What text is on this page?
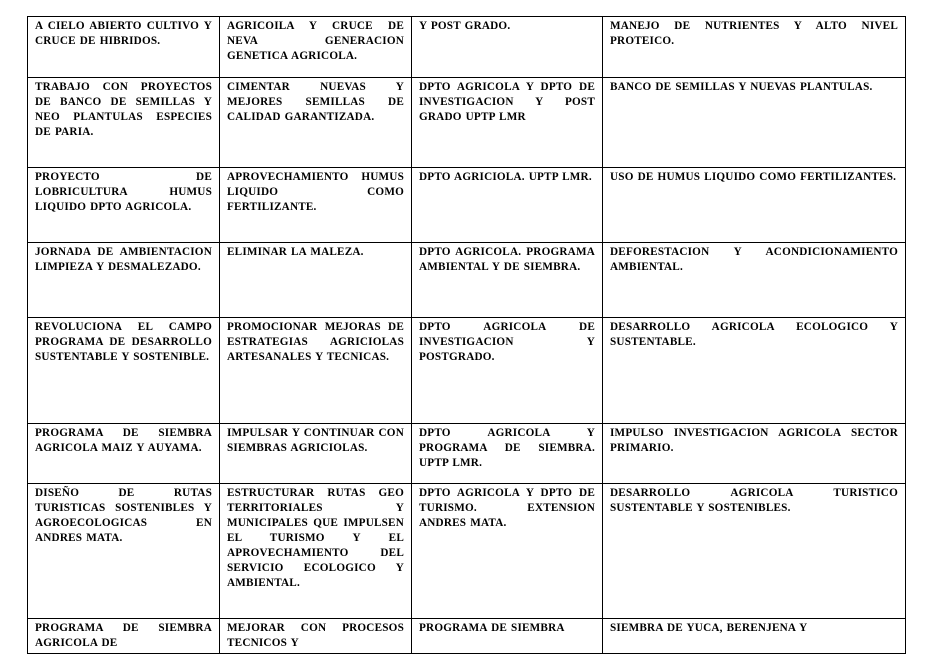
A CIELO ABIERTO CULTIVO Y CRUCE DE HIBRIDOS.	AGRICOILA Y CRUCE DE NEVA GENERACION GENETICA AGRICOLA.	Y POST GRADO.	MANEJO DE NUTRIENTES Y ALTO NIVEL PROTEICO.
TRABAJO CON PROYECTOS DE BANCO DE SEMILLAS Y NEO PLANTULAS ESPECIES DE PARIA.	CIMENTAR NUEVAS Y MEJORES SEMILLAS DE CALIDAD GARANTIZADA.	DPTO AGRICOLA Y DPTO DE INVESTIGACION Y POST GRADO UPTP LMR	BANCO DE SEMILLAS Y NUEVAS PLANTULAS.
PROYECTO DE LOBRICULTURA HUMUS LIQUIDO DPTO AGRICOLA.	APROVECHAMIENTO HUMUS LIQUIDO COMO FERTILIZANTE.	DPTO AGRICIOLA. UPTP LMR.	USO DE HUMUS LIQUIDO COMO FERTILIZANTES.
JORNADA DE AMBIENTACION LIMPIEZA Y DESMALEZADO.	ELIMINAR LA MALEZA.	DPTO AGRICOLA. PROGRAMA AMBIENTAL Y DE SIEMBRA.	DEFORESTACION Y ACONDICIONAMIENTO AMBIENTAL.
REVOLUCIONA EL CAMPO PROGRAMA DE DESARROLLO SUSTENTABLE Y SOSTENIBLE.	PROMOCIONAR MEJORAS DE ESTRATEGIAS AGRICIOLAS ARTESANALES Y TECNICAS.	DPTO AGRICOLA DE INVESTIGACION Y POSTGRADO.	DESARROLLO AGRICOLA ECOLOGICO Y SUSTENTABLE.
PROGRAMA DE SIEMBRA AGRICOLA MAIZ Y AUYAMA.	IMPULSAR Y CONTINUAR CON SIEMBRAS AGRICIOLAS.	DPTO AGRICOLA Y PROGRAMA DE SIEMBRA. UPTP LMR.	IMPULSO INVESTIGACION AGRICOLA SECTOR PRIMARIO.
DISEÑO DE RUTAS TURISTICAS SOSTENIBLES Y AGROECOLOGICAS EN ANDRES MATA.	ESTRUCTURAR RUTAS GEO TERRITORIALES Y MUNICIPALES QUE IMPULSEN EL TURISMO Y EL APROVECHAMIENTO DEL SERVICIO ECOLOGICO Y AMBIENTAL.	DPTO AGRICOLA Y DPTO DE TURISMO. EXTENSION ANDRES MATA.	DESARROLLO AGRICOLA TURISTICO SUSTENTABLE Y SOSTENIBLES.
PROGRAMA DE SIEMBRA AGRICOLA DE	MEJORAR CON PROCESOS TECNICOS Y	PROGRAMA DE SIEMBRA	SIEMBRA DE YUCA, BERENJENA Y
